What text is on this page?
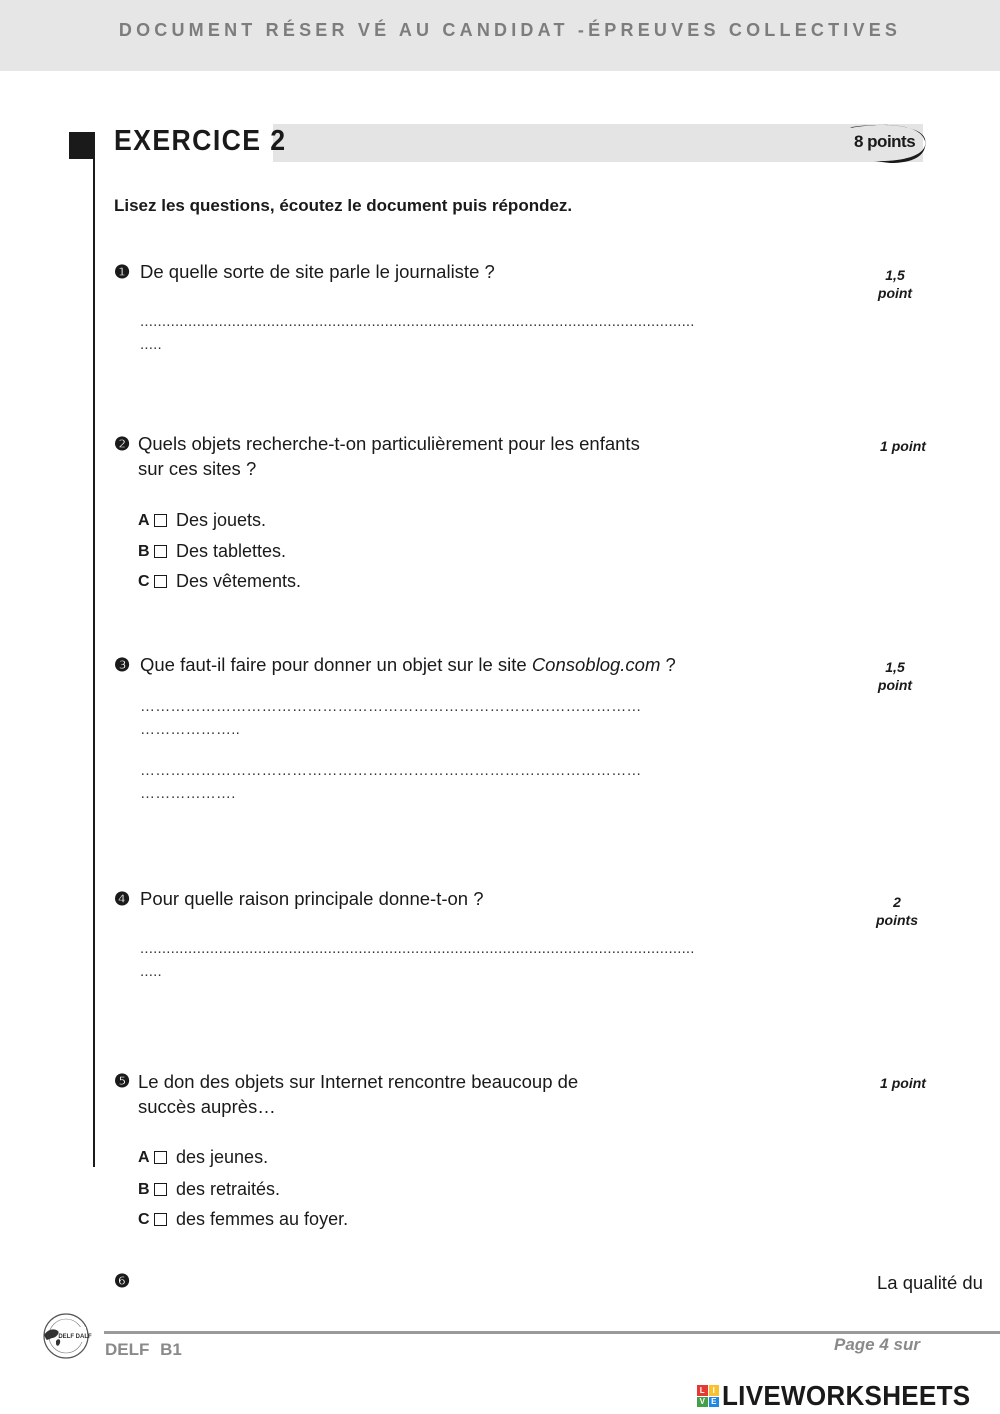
DOCUMENT RÉSER VÉ AU CANDIDAT -ÉPREUVES COLLECTIVES
EXERCICE 2	8 points
Lisez les questions, écoutez le document puis répondez.
❶ De quelle sorte de site parle le journaliste ?	1,5
point
...............................................................................................................................
.....
❷ Quels objets recherche-t-on particulièrement pour les enfants
sur ces sites ?
1 point
A Des jouets.
B Des tablettes.
C Des vêtements.
❸ Que faut-il faire pour donner un objet sur le site Consoblog.com ?	1,5
point
………………………………………………………………………………………
………………..
………………………………………………………………………………………
……………….
❹ Pour quelle raison principale donne-t-on ?	2
points
...............................................................................................................................
.....
❺ Le don des objets sur Internet rencontre beaucoup de
succès auprès…
1 point
A des jeunes.
B des retraités.
C des femmes au foyer.
❻	La qualité du
DELF DALF
DELF B1	Page 4 sur
L I
V E LIVEWORKSHEETS
